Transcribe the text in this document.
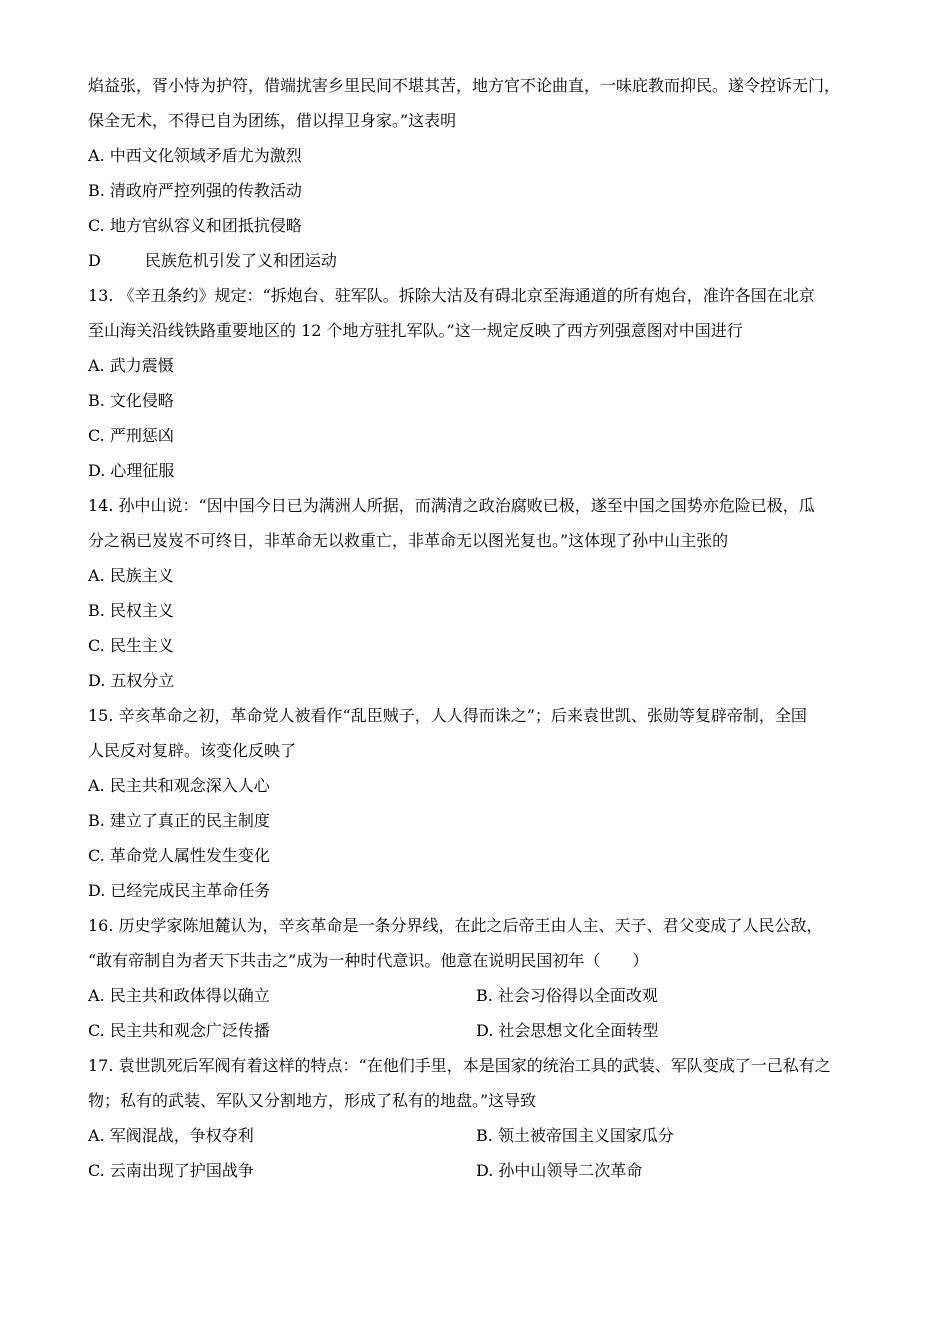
焰益张，胥小恃为护符，借端扰害乡里民间不堪其苦，地方官不论曲直，一味庇教而抑民。遂令控诉无门，
保全无术，不得已自为团练，借以捍卫身家。”这表明
A. 中西文化领域矛盾尤为激烈
B. 清政府严控列强的传教活动
C. 地方官纵容义和团抵抗侵略
D	民族危机引发了义和团运动
13. 《辛丑条约》规定：“拆炮台、驻军队。拆除大沽及有碍北京至海通道的所有炮台，准许各国在北京
至山海关沿线铁路重要地区的 12 个地方驻扎军队。”这一规定反映了西方列强意图对中国进行
A. 武力震慑
B. 文化侵略
C. 严刑惩凶
D. 心理征服
14. 孙中山说：“因中国今日已为满洲人所据，而满清之政治腐败已极，遂至中国之国势亦危险已极，瓜
分之祸已岌岌不可终日，非革命无以救重亡，非革命无以图光复也。”这体现了孙中山主张的
A. 民族主义
B. 民权主义
C. 民生主义
D. 五权分立
15. 辛亥革命之初，革命党人被看作“乱臣贼子，人人得而诛之”；后来袁世凯、张勋等复辟帝制，全国
人民反对复辟。该变化反映了
A. 民主共和观念深入人心
B. 建立了真正的民主制度
C. 革命党人属性发生变化
D. 已经完成民主革命任务
16. 历史学家陈旭麓认为，辛亥革命是一条分界线，在此之后帝王由人主、天子、君父变成了人民公敌，
“敢有帝制自为者天下共击之”成为一种时代意识。他意在说明民国初年（　　）
A. 民主共和政体得以确立	B. 社会习俗得以全面改观
C. 民主共和观念广泛传播	D. 社会思想文化全面转型
17. 袁世凯死后军阀有着这样的特点：“在他们手里，本是国家的统治工具的武装、军队变成了一己私有之
物；私有的武装、军队又分割地方，形成了私有的地盘。”这导致
A. 军阀混战，争权夺利	B. 领土被帝国主义国家瓜分
C. 云南出现了护国战争	D. 孙中山领导二次革命
